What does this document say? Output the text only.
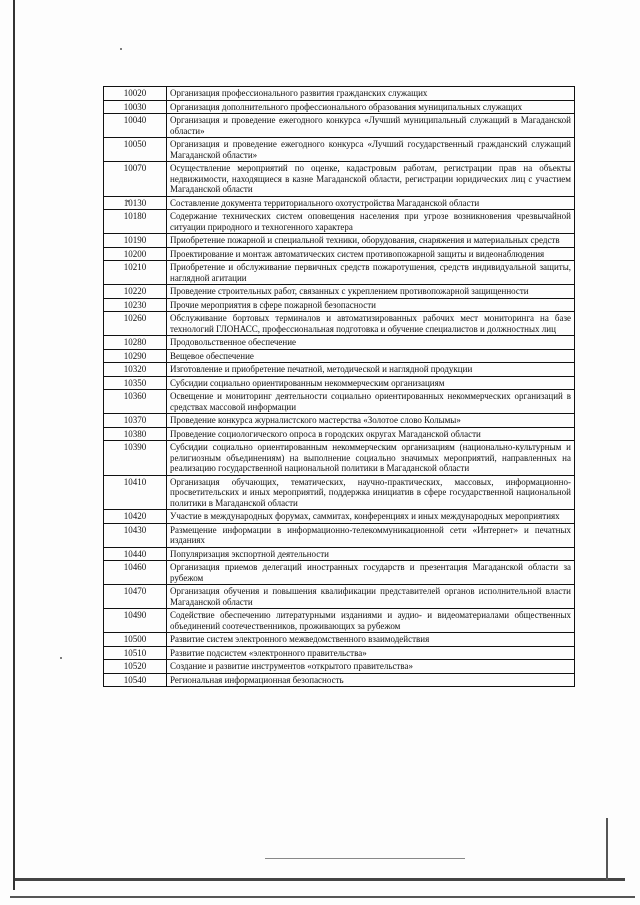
10020	Организация профессионального развития гражданских служащих
10030	Организация дополнительного профессионального образования муниципальных служащих
10040	Организация и проведение ежегодного конкурса «Лучший муниципальный служащий в Магаданской области»
10050	Организация и проведение ежегодного конкурса «Лучший государственный гражданский служащий Магаданской области»
10070	Осуществление мероприятий по оценке, кадастровым работам, регистрации прав на объекты недвижимости, находящиеся в казне Магаданской области, регистрации юридических лиц с участием Магаданской области
10130	Составление документа территориального охотустройства Магаданской области
10180	Содержание технических систем оповещения населения при угрозе возникновения чрезвычайной ситуации природного и техногенного характера
10190	Приобретение пожарной и специальной техники, оборудования, снаряжения и материальных средств
10200	Проектирование и монтаж автоматических систем противопожарной защиты и видеонаблюдения
10210	Приобретение и обслуживание первичных средств пожаротушения, средств индивидуальной защиты, наглядной агитации
10220	Проведение строительных работ, связанных с укреплением противопожарной защищенности
10230	Прочие мероприятия в сфере пожарной безопасности
10260	Обслуживание бортовых терминалов и автоматизированных рабочих мест мониторинга на базе технологий ГЛОНАСС, профессиональная подготовка и обучение специалистов и должностных лиц
10280	Продовольственное обеспечение
10290	Вещевое обеспечение
10320	Изготовление и приобретение печатной, методической и наглядной продукции
10350	Субсидии социально ориентированным некоммерческим организациям
10360	Освещение и мониторинг деятельности социально ориентированных некоммерческих организаций в средствах массовой информации
10370	Проведение конкурса журналистского мастерства «Золотое слово Колымы»
10380	Проведение социологического опроса в городских округах Магаданской области
10390	Субсидии социально ориентированным некоммерческим организациям (национально-культурным и религиозным объединениям) на выполнение социально значимых мероприятий, направленных на реализацию государственной национальной политики в Магаданской области
10410	Организация обучающих, тематических, научно-практических, массовых, информационно-просветительских и иных мероприятий, поддержка инициатив в сфере государственной национальной политики в Магаданской области
10420	Участие в международных форумах, саммитах, конференциях и иных международных мероприятиях
10430	Размещение информации в информационно-телекоммуникационной сети «Интернет» и печатных изданиях
10440	Популяризация экспортной деятельности
10460	Организация приемов делегаций иностранных государств и презентация Магаданской области за рубежом
10470	Организация обучения и повышения квалификации представителей органов исполнительной власти Магаданской области
10490	Содействие обеспечению литературными изданиями и аудио- и видеоматериалами общественных объединений соотечественников, проживающих за рубежом
10500	Развитие систем электронного межведомственного взаимодействия
10510	Развитие подсистем «электронного правительства»
10520	Создание и развитие инструментов «открытого правительства»
10540	Региональная информационная безопасность
